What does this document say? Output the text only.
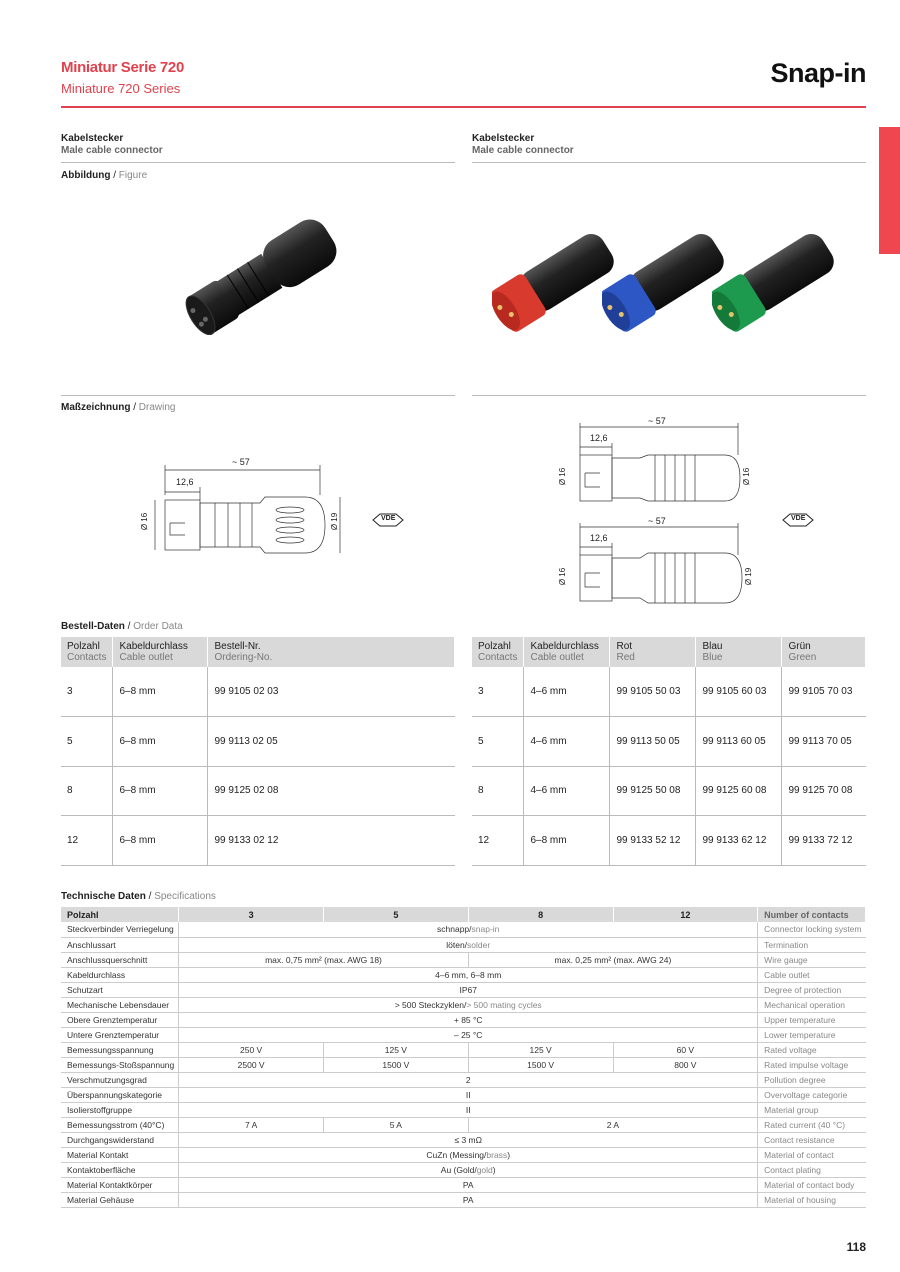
Miniatur Serie 720
Miniature 720 Series
Snap-in
Kabelstecker
Male cable connector
Abbildung / Figure
Kabelstecker
Male cable connector
Maßzeichnung / Drawing
~ 57
12,6
Ø 16	Ø 19	VDE
~ 57
12,6
Ø 16	Ø 16
~ 57
12,6
Ø 16	Ø 19
VDE
Bestell-Daten / Order Data
Polzahl
Contacts	Kabeldurchlass
Cable outlet	Bestell-Nr.
Ordering-No.

3	6–8 mm	99 9105 02 03
5	6–8 mm	99 9113 02 05
8	6–8 mm	99 9125 02 08
12	6–8 mm	99 9133 02 12
Polzahl
Contacts	Kabeldurchlass
Cable outlet	Rot
Red	Blau
Blue	Grün
Green

3	4–6 mm	99 9105 50 03	99 9105 60 03	99 9105 70 03
5	4–6 mm	99 9113 50 05	99 9113 60 05	99 9113 70 05
8	4–6 mm	99 9125 50 08	99 9125 60 08	99 9125 70 08
12	6–8 mm	99 9133 52 12	99 9133 62 12	99 9133 72 12
Technische Daten / Specifications
Polzahl	3	5	8	12	Number of contacts
Steckverbinder Verriegelung	schnapp/snap-in				Connector locking system
Anschlussart	löten/solder				Termination
Anschlussquerschnitt	max. 0,75 mm² (max. AWG 18)		max. 0,25 mm² (max. AWG 24)		Wire gauge
Kabeldurchlass	4–6 mm, 6–8 mm				Cable outlet
Schutzart	IP67				Degree of protection
Mechanische Lebensdauer	> 500 Steckzyklen/> 500 mating cycles				Mechanical operation
Obere Grenztemperatur	+ 85 °C				Upper temperature
Untere Grenztemperatur	– 25 °C				Lower temperature
Bemessungsspannung	250 V	125 V	125 V	60 V	Rated voltage
Bemessungs-Stoßspannung	2500 V	1500 V	1500 V	800 V	Rated impulse voltage
Verschmutzungsgrad	2				Pollution degree
Überspannungskategorie	II				Overvoltage categorie
Isolierstoffgruppe	II				Material group
Bemessungsstrom (40°C)	7 A	5 A	2 A		Rated current (40 °C)
Durchgangswiderstand	≤ 3 mΩ				Contact resistance
Material Kontakt	CuZn (Messing/brass)				Material of contact
Kontaktoberfläche	Au (Gold/gold)				Contact plating
Material Kontaktkörper	PA				Material of contact body
Material Gehäuse	PA				Material of housing
118
